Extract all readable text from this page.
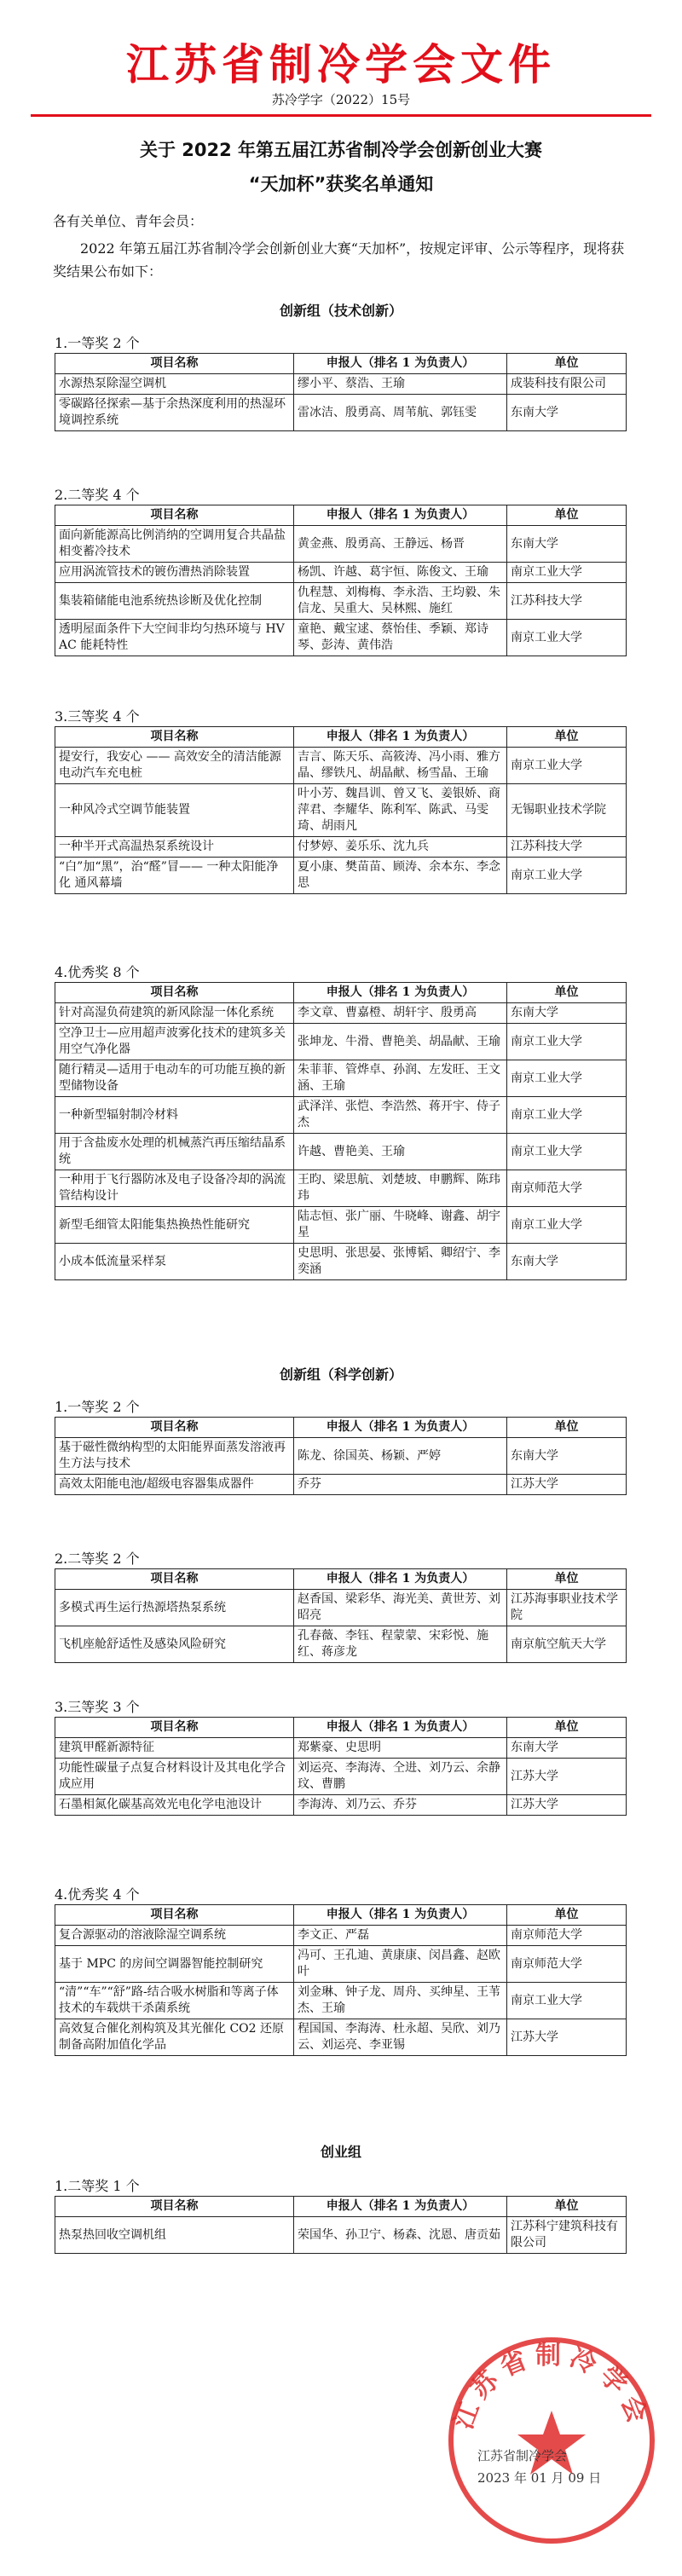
江苏省制冷学会文件
苏冷学字（2022）15号
关于 2022 年第五届江苏省制冷学会创新创业大赛
“天加杯”获奖名单通知
各有关单位、青年会员：
2022 年第五届江苏省制冷学会创新创业大赛“天加杯”，按规定评审、公示等程序，现将获奖结果公布如下：
创新组（技术创新）
1.一等奖 2 个
项目名称	申报人（排名 1 为负责人）	单位
水源热泵除湿空调机	缪小平、蔡浩、王瑜	成装科技有限公司
零碳路径探索—基于余热深度利用的热湿环境调控系统	雷冰洁、殷勇高、周苇航、郭钰雯	东南大学
2.二等奖 4 个
项目名称	申报人（排名 1 为负责人）	单位
面向新能源高比例消纳的空调用复合共晶盐相变蓄冷技术	黄金燕、殷勇高、王静远、杨晋	东南大学
应用涡流管技术的镀伤漕热消除装置	杨凯、许越、葛宇恒、陈俊文、王瑜	南京工业大学
集装箱储能电池系统热诊断及优化控制	仇程慧、刘梅梅、李永浩、王均毅、朱信龙、吴重大、吴林熙、施红	江苏科技大学
透明屋面条件下大空间非均匀热环境与 HVAC 能耗特性	童艳、戴宝逑、蔡怡佳、季颖、郑诗琴、彭涛、黄伟浩	南京工业大学
3.三等奖 4 个
项目名称	申报人（排名 1 为负责人）	单位
提安行，我安心 —— 高效安全的清洁能源电动汽车充电桩	吉言、陈天乐、高筱涛、冯小雨、雅方晶、缪铁凡、胡晶献、杨雪晶、王瑜	南京工业大学
一种风冷式空调节能装置	叶小芳、魏昌训、曾又飞、姜银娇、商萍君、李耀华、陈利军、陈武、马雯琦、胡雨凡	无锡职业技术学院
一种半开式高温热泵系统设计	付梦婷、姜乐乐、沈九兵	江苏科技大学
“白”加“黑”，治“醛”冒—— 一种太阳能净化 通风幕墙	夏小康、樊苗苗、顾涛、余本东、李念思	南京工业大学
4.优秀奖 8 个
项目名称	申报人（排名 1 为负责人）	单位
针对高湿负荷建筑的新风除湿一体化系统	李文章、曹嘉橙、胡轩宇、殷勇高	东南大学
空净卫士—应用超声波雾化技术的建筑多关用空气净化器	张坤龙、牛滑、曹艳美、胡晶献、王瑜	南京工业大学
随行精灵—适用于电动车的可功能互换的新型储物设备	朱菲菲、管烨卓、孙润、左发旺、王文涵、王瑜	南京工业大学
一种新型辐射制冷材料	武泽洋、张恺、李浩然、蒋开宇、侍子杰	南京工业大学
用于含盐废水处理的机械蒸汽再压缩结晶系统	许越、曹艳美、王瑜	南京工业大学
一种用于飞行器防冰及电子设备冷却的涡流管结构设计	王昀、梁思航、刘楚坡、申鹏辉、陈玮玮	南京师范大学
新型毛细管太阳能集热换热性能研究	陆志恒、张广丽、牛晓峰、谢鑫、胡宇星	南京工业大学
小成本低流量采样泵	史思明、张思晏、张博韬、卿绍宁、李奕涵	东南大学
创新组（科学创新）
1.一等奖 2 个
项目名称	申报人（排名 1 为负责人）	单位
基于磁性微纳构型的太阳能界面蒸发溶液再生方法与技术	陈龙、徐国英、杨颖、严婷	东南大学
高效太阳能电池/超级电容器集成器件	乔芬	江苏大学
2.二等奖 2 个
项目名称	申报人（排名 1 为负责人）	单位
多模式再生运行热源塔热泵系统	赵香国、梁彩华、海光美、黄世芳、刘昭亮	江苏海事职业技术学院
飞机座舱舒适性及感染风险研究	孔春薇、李钰、程蒙蒙、宋彩悦、施红、蒋彦龙	南京航空航天大学
3.三等奖 3 个
项目名称	申报人（排名 1 为负责人）	单位
建筑甲醛新源特征	郑紫豪、史思明	东南大学
功能性碳量子点复合材料设计及其电化学合成应用	刘运亮、李海涛、仝进、刘乃云、余静玟、曹鹏	江苏大学
石墨相氮化碳基高效光电化学电池设计	李海涛、刘乃云、乔芬	江苏大学
4.优秀奖 4 个
项目名称	申报人（排名 1 为负责人）	单位
复合源驱动的溶液除湿空调系统	李文正、严磊	南京师范大学
基于 MPC 的房间空调器智能控制研究	冯可、王孔迪、黄康康、闵昌鑫、赵欧叶	南京师范大学
“清”“车”“舒”路-结合吸水树脂和等离子体技术的车载烘干杀菌系统	刘金琳、钟子龙、周舟、买绅星、王苇杰、王瑜	南京工业大学
高效复合催化剂构筑及其光催化 CO2 还原制备高附加值化学品	程国国、李海涛、杜永超、吴欣、刘乃云、刘运亮、李亚锡	江苏大学
创业组
1.二等奖 1 个
项目名称	申报人（排名 1 为负责人）	单位
热泵热回收空调机组	荣国华、孙卫宁、杨森、沈恩、唐贡茹	江苏科宁建筑科技有限公司
江苏省制冷学会
江苏省制冷学会
2023 年 01 月 09 日
